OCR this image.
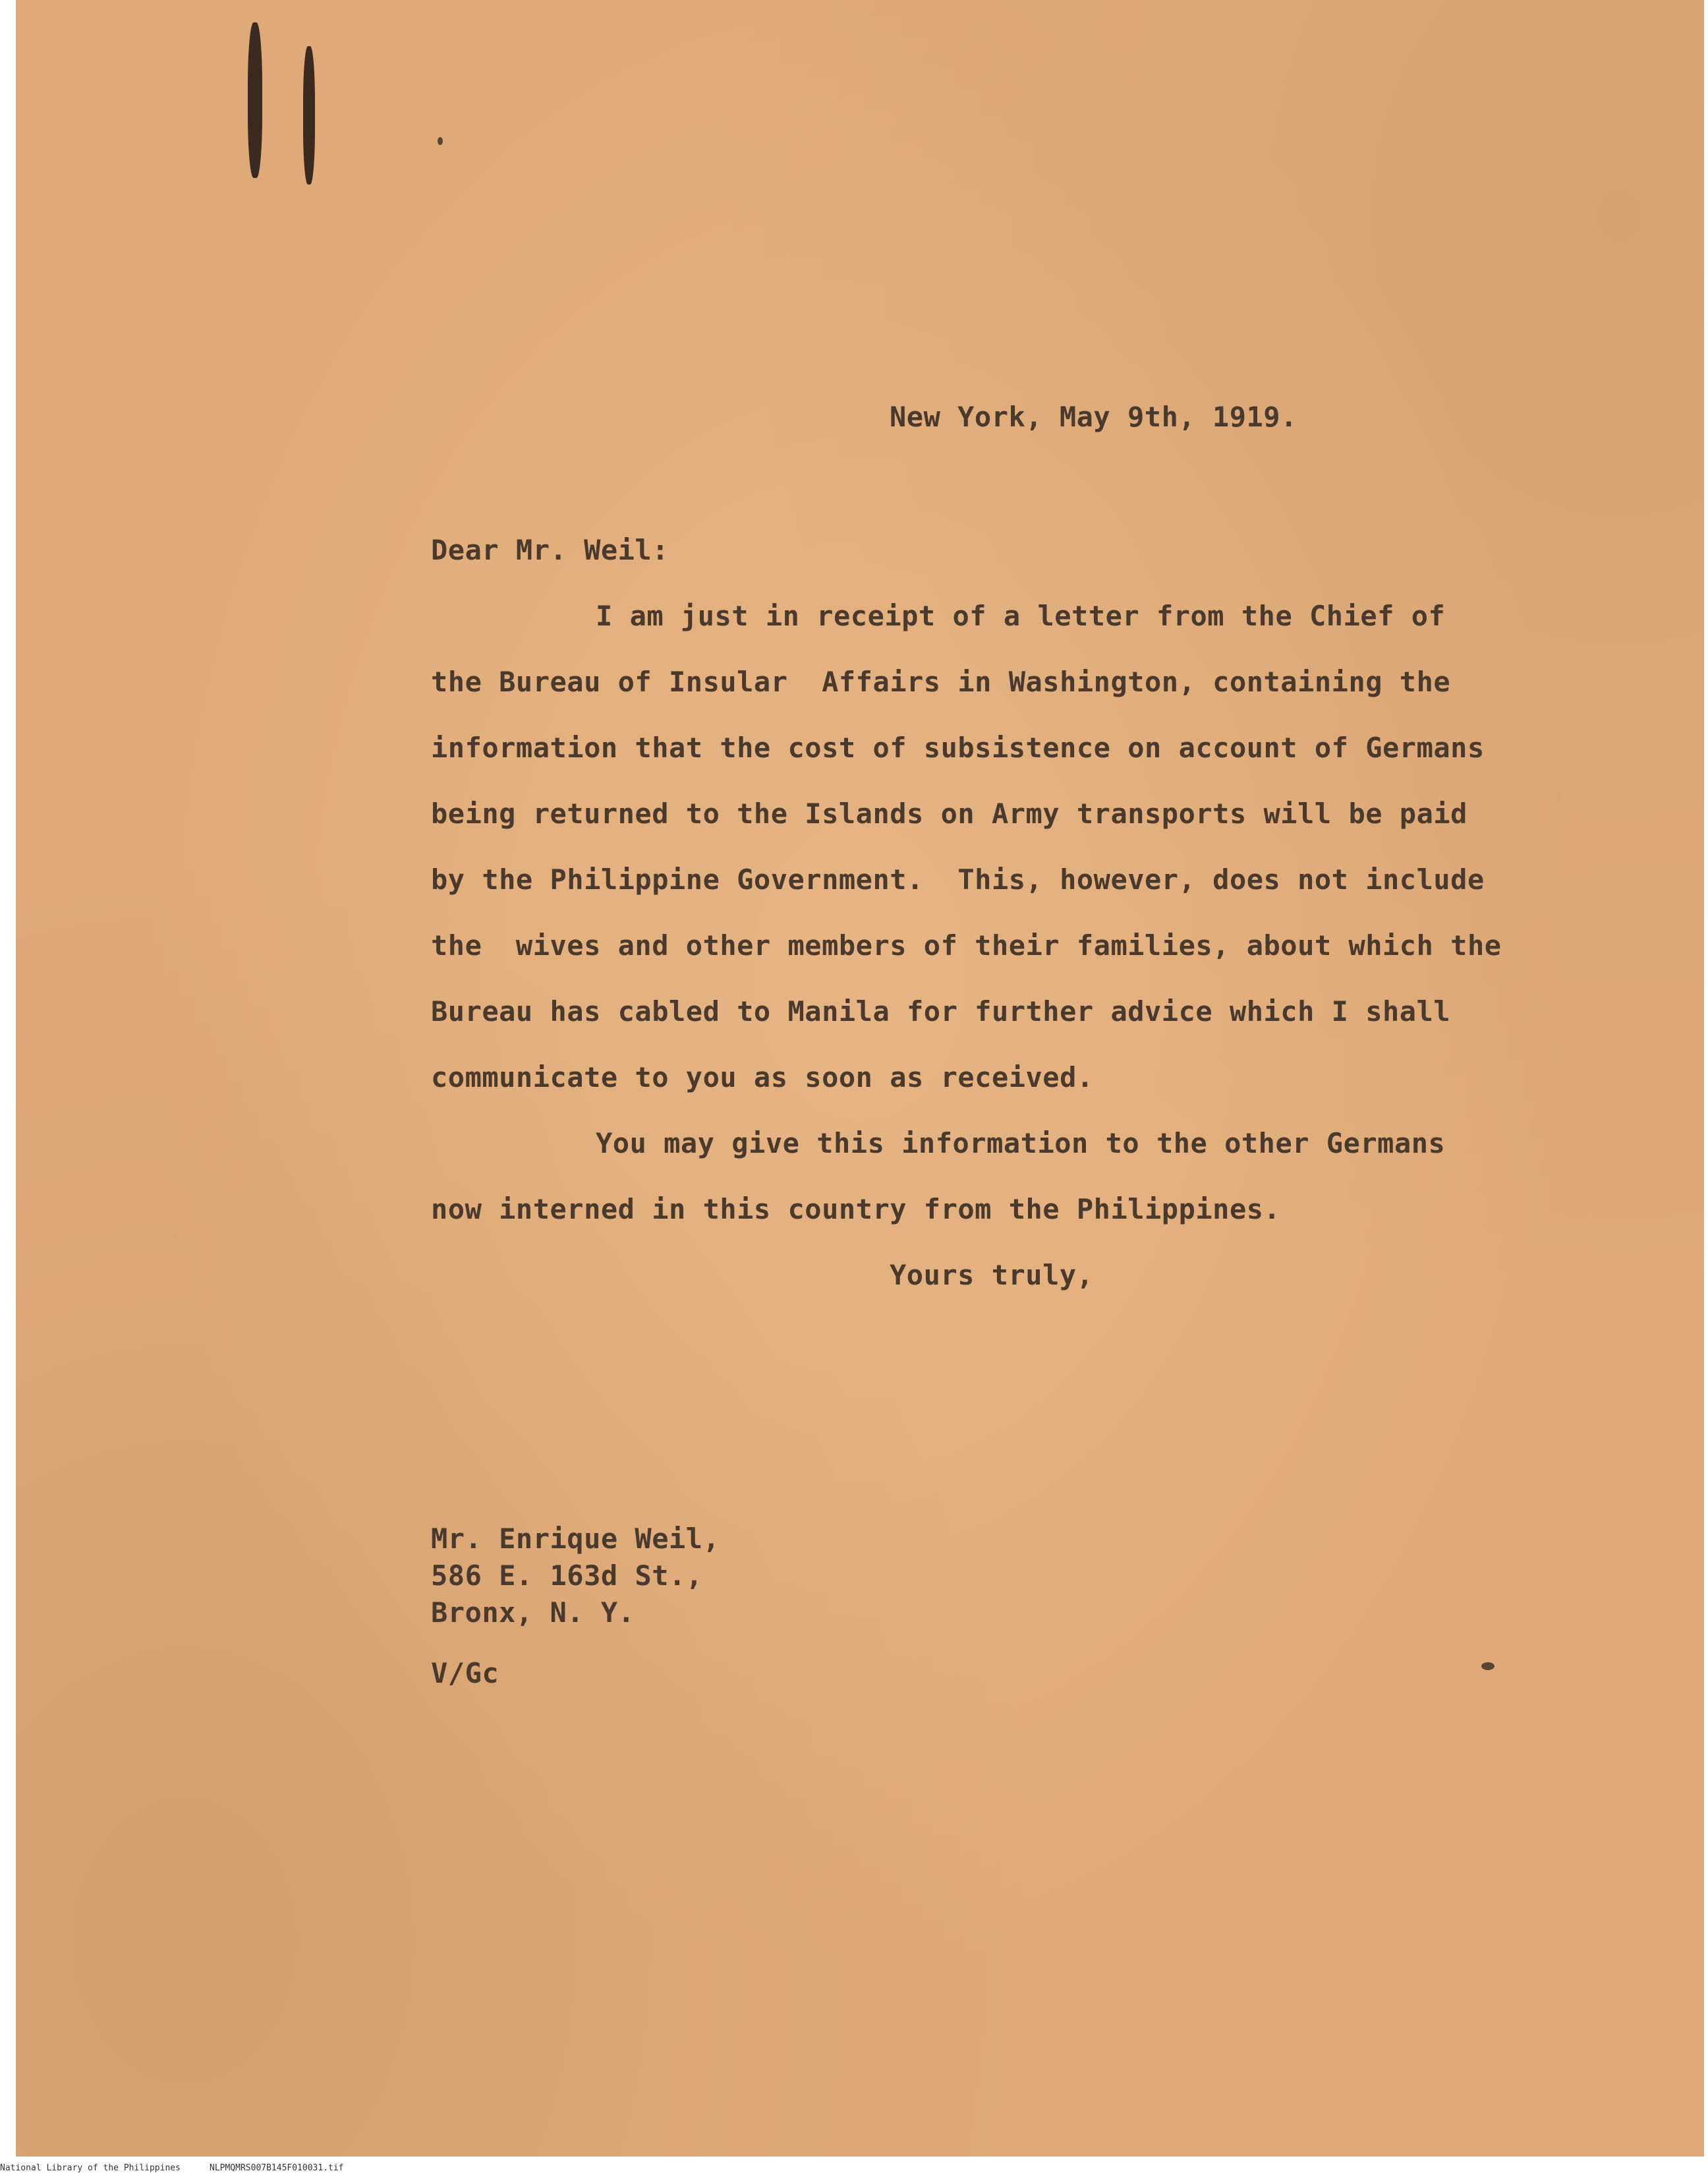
New York, May 9th, 1919.

Dear Mr. Weil:

I am just in receipt of a letter from the Chief of

the Bureau of Insular  Affairs in Washington, containing the

information that the cost of subsistence on account of Germans

being returned to the Islands on Army transports will be paid

by the Philippine Government.  This, however, does not include

the  wives and other members of their families, about which the

Bureau has cabled to Manila for further advice which I shall

communicate to you as soon as received.

You may give this information to the other Germans

now interned in this country from the Philippines.

Yours truly,

Mr. Enrique Weil,

586 E. 163d St.,

Bronx, N. Y.

V/Gc

National Library of the Philippines	NLPMQMRS007B145F010031.tif
